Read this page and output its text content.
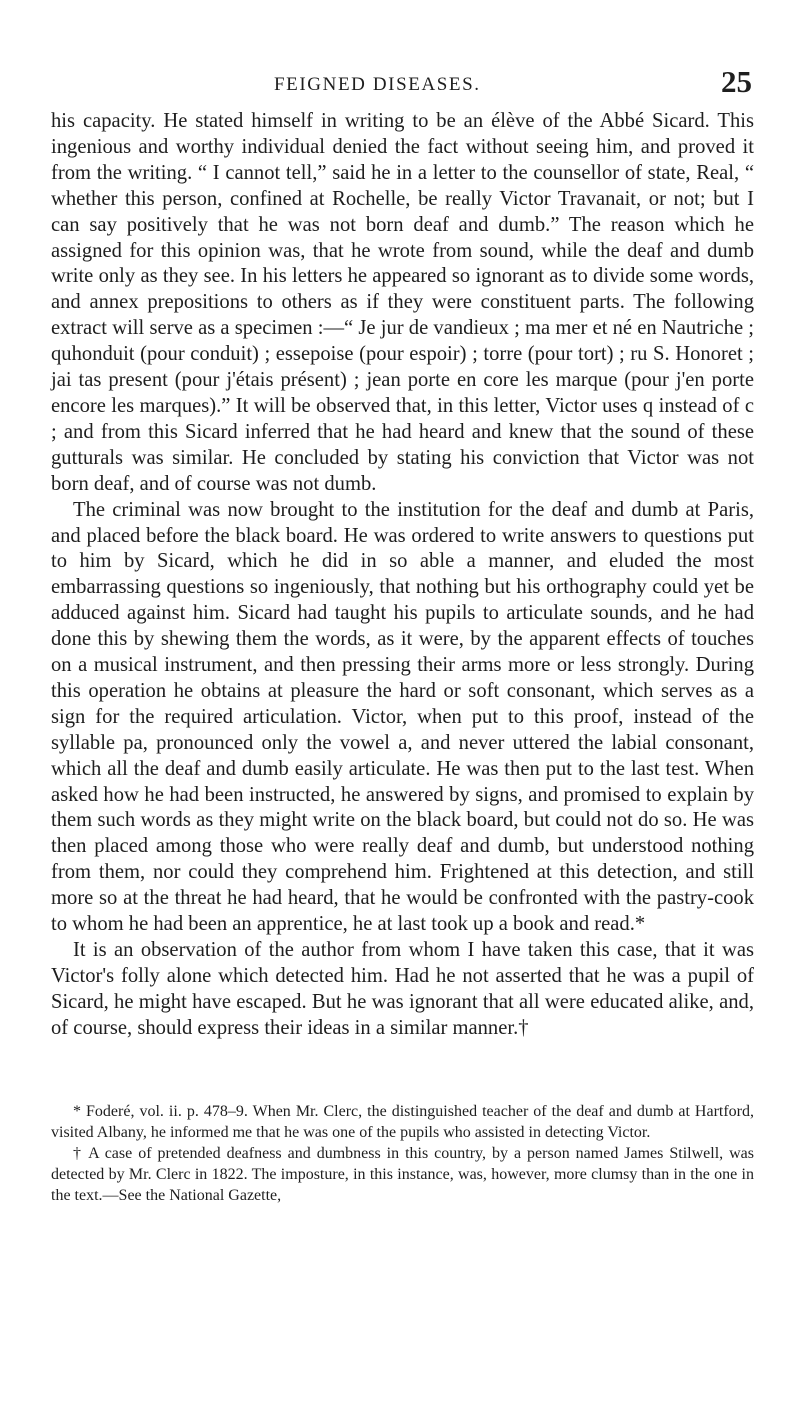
FEIGNED DISEASES.	25

his capacity. He stated himself in writing to be an élève of the Abbé Sicard. This ingenious and worthy individual denied the fact without seeing him, and proved it from the writing. “ I cannot tell,” said he in a letter to the counsellor of state, Real, “ whether this person, confined at Rochelle, be really Victor Travanait, or not; but I can say positively that he was not born deaf and dumb.” The reason which he assigned for this opinion was, that he wrote from sound, while the deaf and dumb write only as they see. In his letters he appeared so ignorant as to divide some words, and annex prepositions to others as if they were constituent parts. The following extract will serve as a specimen :—“ Je jur de vandieux ; ma mer et né en Nautriche ; quhonduit (pour conduit) ; essepoise (pour espoir) ; torre (pour tort) ; ru S. Honoret ; jai tas present (pour j'étais présent) ; jean porte en core les marque (pour j'en porte encore les marques).” It will be observed that, in this letter, Victor uses q instead of c ; and from this Sicard inferred that he had heard and knew that the sound of these gutturals was similar. He concluded by stating his conviction that Victor was not born deaf, and of course was not dumb.

The criminal was now brought to the institution for the deaf and dumb at Paris, and placed before the black board. He was ordered to write answers to questions put to him by Sicard, which he did in so able a manner, and eluded the most embarrassing questions so ingeniously, that nothing but his orthography could yet be adduced against him. Sicard had taught his pupils to articulate sounds, and he had done this by shewing them the words, as it were, by the apparent effects of touches on a musical instrument, and then pressing their arms more or less strongly. During this operation he obtains at pleasure the hard or soft consonant, which serves as a sign for the required articulation. Victor, when put to this proof, instead of the syllable pa, pronounced only the vowel a, and never uttered the labial consonant, which all the deaf and dumb easily articulate. He was then put to the last test. When asked how he had been instructed, he answered by signs, and promised to explain by them such words as they might write on the black board, but could not do so. He was then placed among those who were really deaf and dumb, but understood nothing from them, nor could they comprehend him. Frightened at this detection, and still more so at the threat he had heard, that he would be confronted with the pastry-cook to whom he had been an apprentice, he at last took up a book and read.*

It is an observation of the author from whom I have taken this case, that it was Victor's folly alone which detected him. Had he not asserted that he was a pupil of Sicard, he might have escaped. But he was ignorant that all were educated alike, and, of course, should express their ideas in a similar manner.†

* Foderé, vol. ii. p. 478–9. When Mr. Clerc, the distinguished teacher of the deaf and dumb at Hartford, visited Albany, he informed me that he was one of the pupils who assisted in detecting Victor.

† A case of pretended deafness and dumbness in this country, by a person named James Stilwell, was detected by Mr. Clerc in 1822. The imposture, in this instance, was, however, more clumsy than in the one in the text.—See the National Gazette,
